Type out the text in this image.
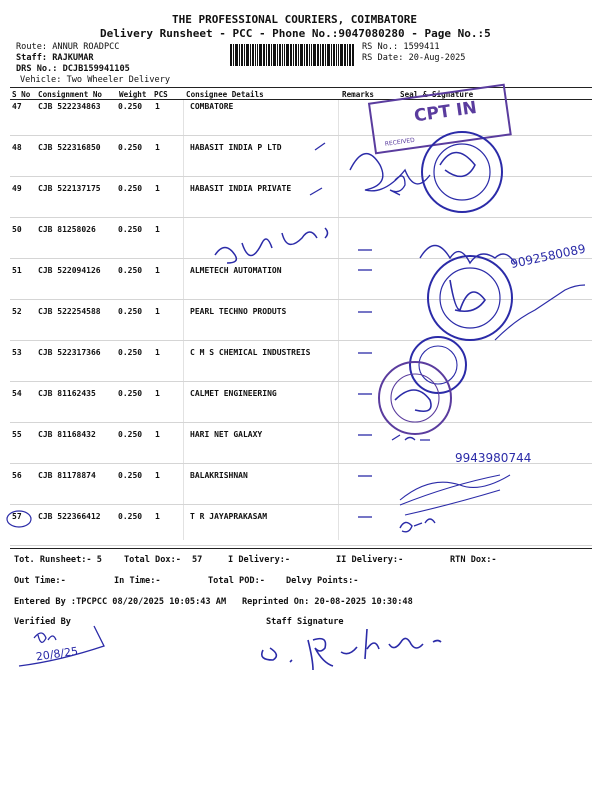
THE PROFESSIONAL COURIERS, COIMBATORE
Delivery Runsheet - PCC - Phone No.:9047080280 - Page No.:5
Route: ANNUR ROADPCC
Staff: RAJKUMAR
DRS No.: DCJB159941105
Vehicle: Two Wheeler Delivery
RS No.: 1599411
RS Date: 20-Aug-2025
S No Consignment No Weight PCS Consignee Details	Remarks	Seal & Signature
47 CJB 522234863 0.250 1	COMBATORE
48 CJB 522316850 0.250 1	HABASIT INDIA P LTD
49 CJB 522137175 0.250 1	HABASIT INDIA PRIVATE
50 CJB 81258026	0.250 1
51 CJB 522094126 0.250 1	ALMETECH AUTOMATION
52 CJB 522254588 0.250 1	PEARL TECHNO PRODUTS
53 CJB 522317366 0.250 1	C M S CHEMICAL INDUSTREIS
54 CJB 81162435	0.250 1	CALMET ENGINEERING
55 CJB 81168432	0.250 1	HARI NET GALAXY
56 CJB 81178874	0.250 1	BALAKRISHNAN
57 CJB 522366412 0.250 1	T R JAYAPRAKASAM
CPT IN
RECEIVED
9092580089
9943980744
Tot. Runsheet:- 5	Total Dox:- 57	I Delivery:-	II Delivery:-	RTN Dox:-
Out Time:-	In Time:-	Total POD:- Delvy Points:-
Entered By :TPCPCC 08/20/2025 10:05:43 AM Reprinted On: 20-08-2025 10:30:48
Verified By	Staff Signature
20/8/25
